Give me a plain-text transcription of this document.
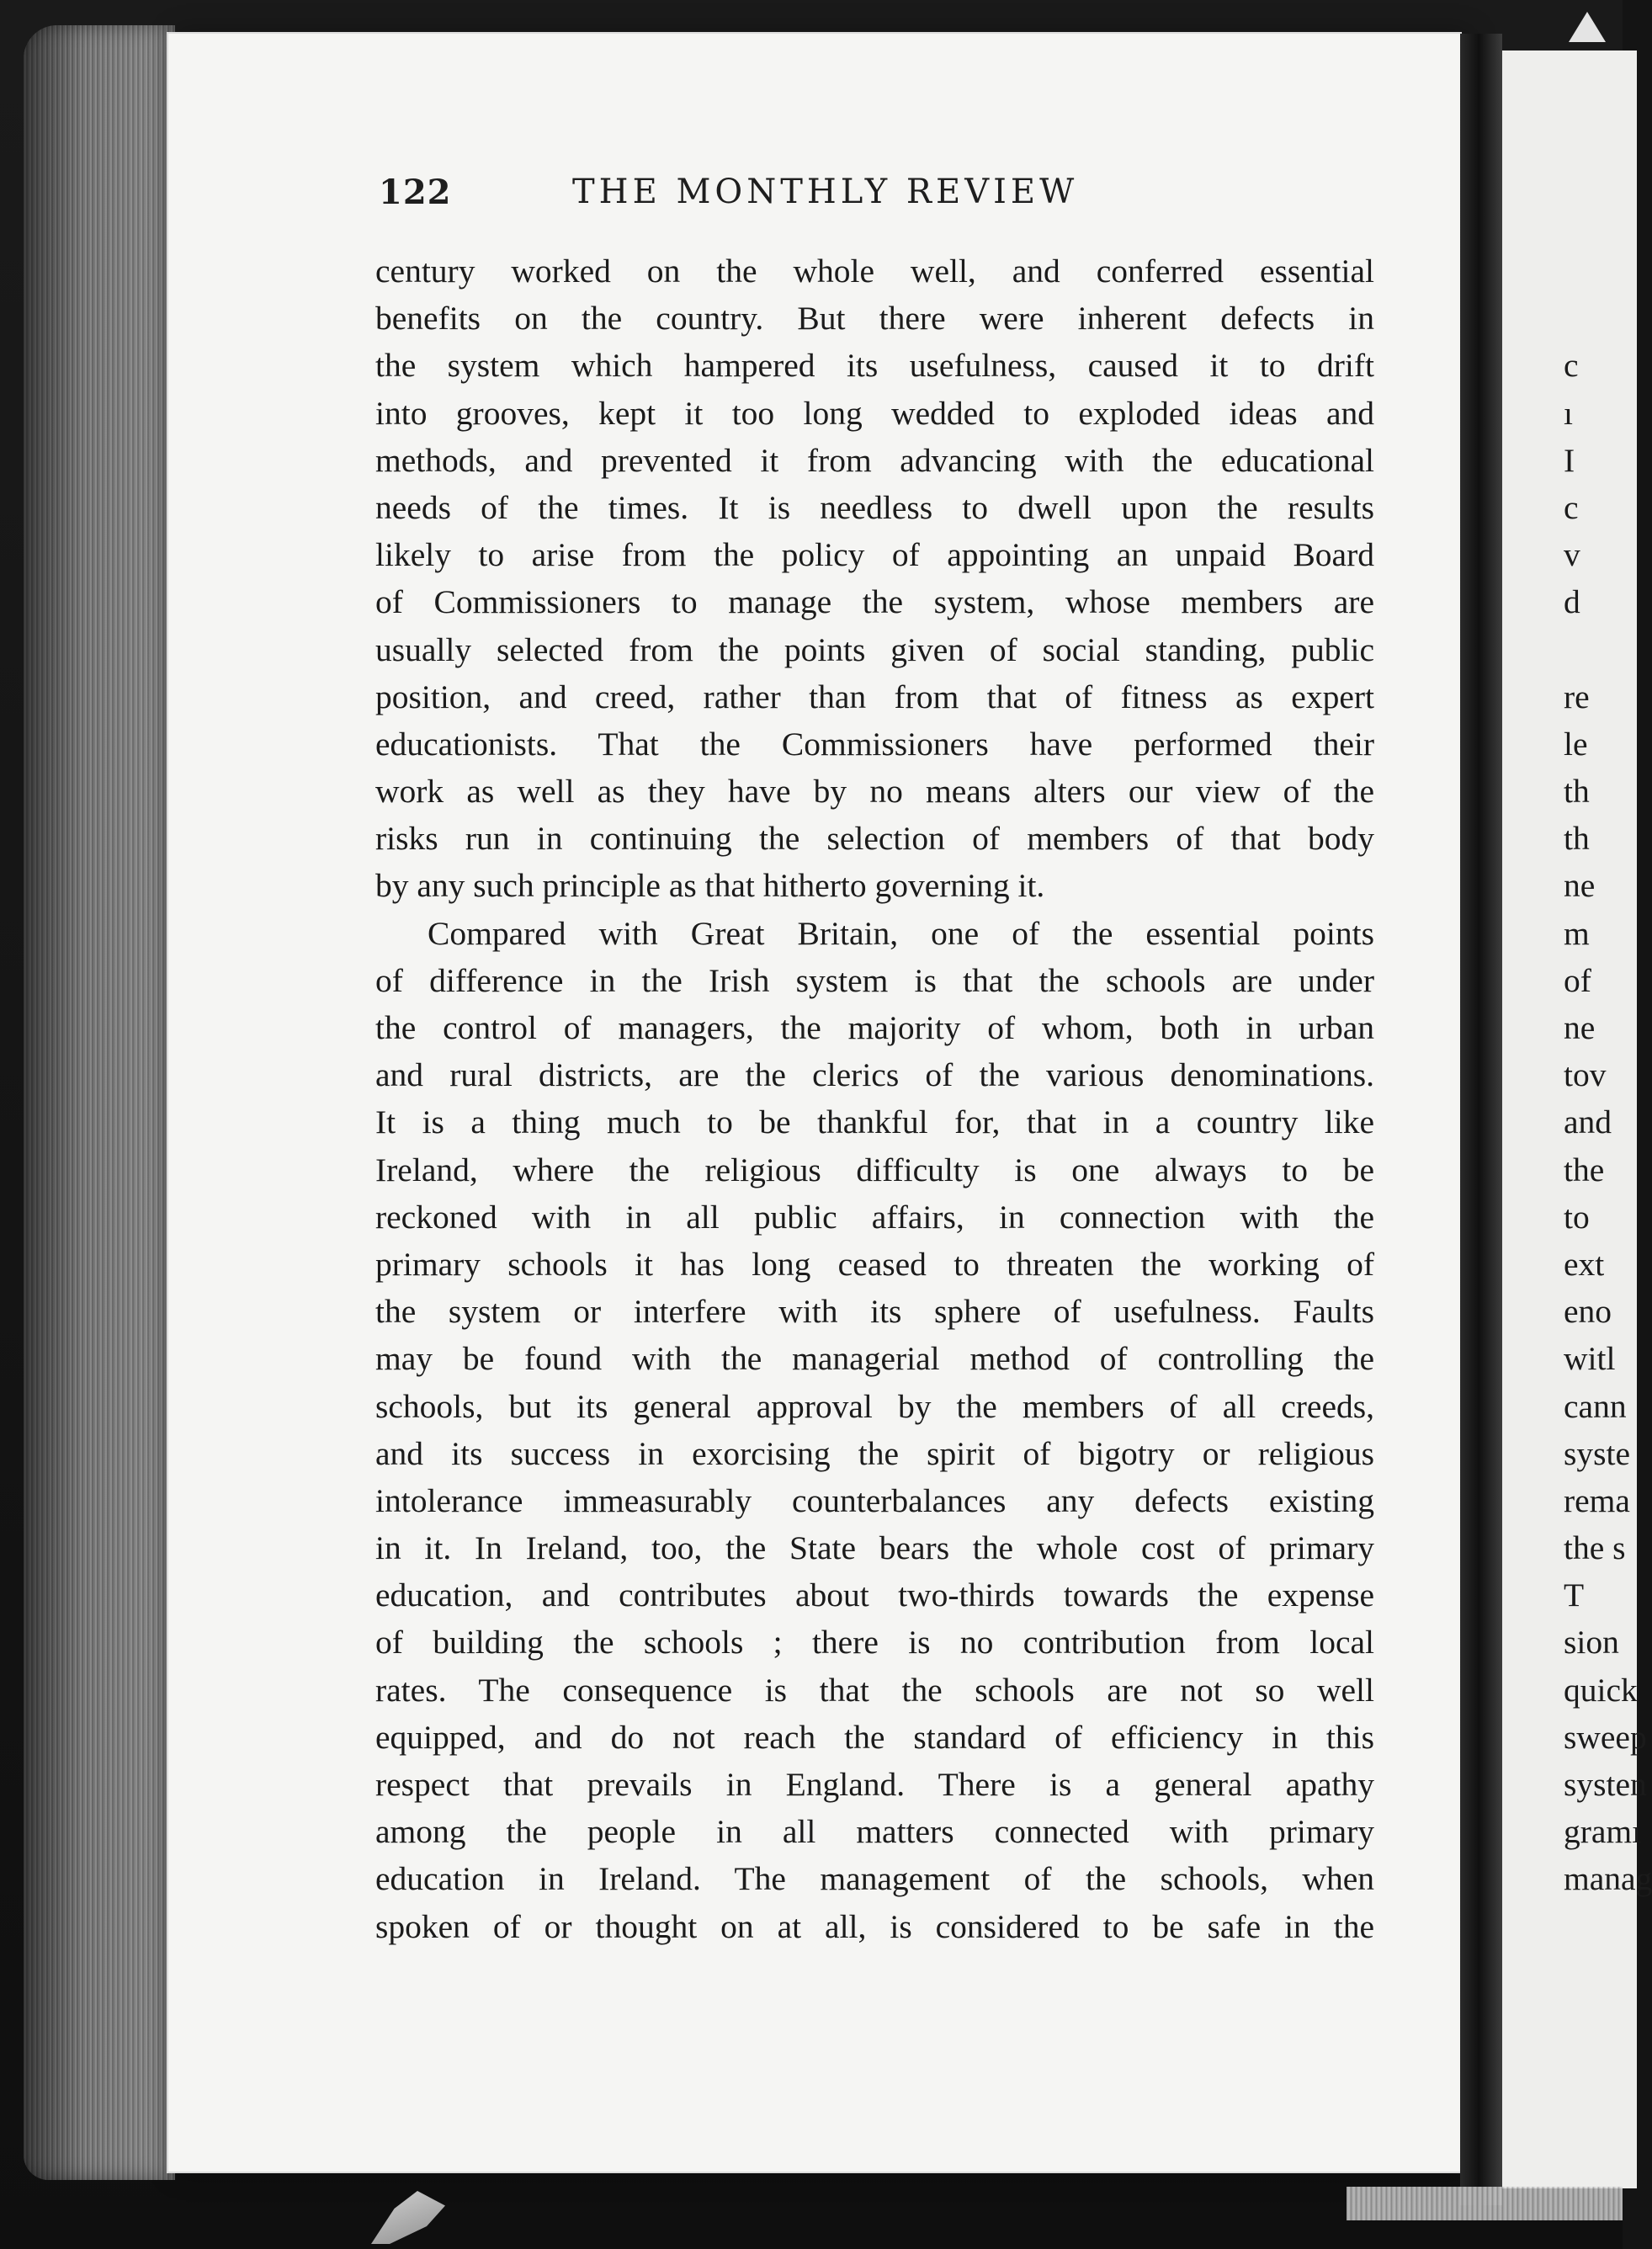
122	THE MONTHLY REVIEW
century worked on the whole well, and conferred essential
benefits on the country. But there were inherent defects in
the system which hampered its usefulness, caused it to drift
into grooves, kept it too long wedded to exploded ideas and
methods, and prevented it from advancing with the educational
needs of the times. It is needless to dwell upon the results
likely to arise from the policy of appointing an unpaid Board
of Commissioners to manage the system, whose members are
usually selected from the points given of social standing, public
position, and creed, rather than from that of fitness as expert
educationists. That the Commissioners have performed their
work as well as they have by no means alters our view of the
risks run in continuing the selection of members of that body
by any such principle as that hitherto governing it.
Compared with Great Britain, one of the essential points
of difference in the Irish system is that the schools are under
the control of managers, the majority of whom, both in urban
and rural districts, are the clerics of the various denominations.
It is a thing much to be thankful for, that in a country like
Ireland, where the religious difficulty is one always to be
reckoned with in all public affairs, in connection with the
primary schools it has long ceased to threaten the working of
the system or interfere with its sphere of usefulness. Faults
may be found with the managerial method of controlling the
schools, but its general approval by the members of all creeds,
and its success in exorcising the spirit of bigotry or religious
intolerance immeasurably counterbalances any defects existing
in it. In Ireland, too, the State bears the whole cost of primary
education, and contributes about two-thirds towards the expense
of building the schools ; there is no contribution from local
rates. The consequence is that the schools are not so well
equipped, and do not reach the standard of efficiency in this
respect that prevails in England. There is a general apathy
among the people in all matters connected with primary
education in Ireland. The management of the schools, when
spoken of or thought on at all, is considered to be safe in the
c
ı
I
c
v
d
re
le
th
th
ne
m
of
ne
tov
and
the
to
ext
eno
witl
cann
syste
rema
the s
T
sion
quick
sweep
systen
gramı
manag
